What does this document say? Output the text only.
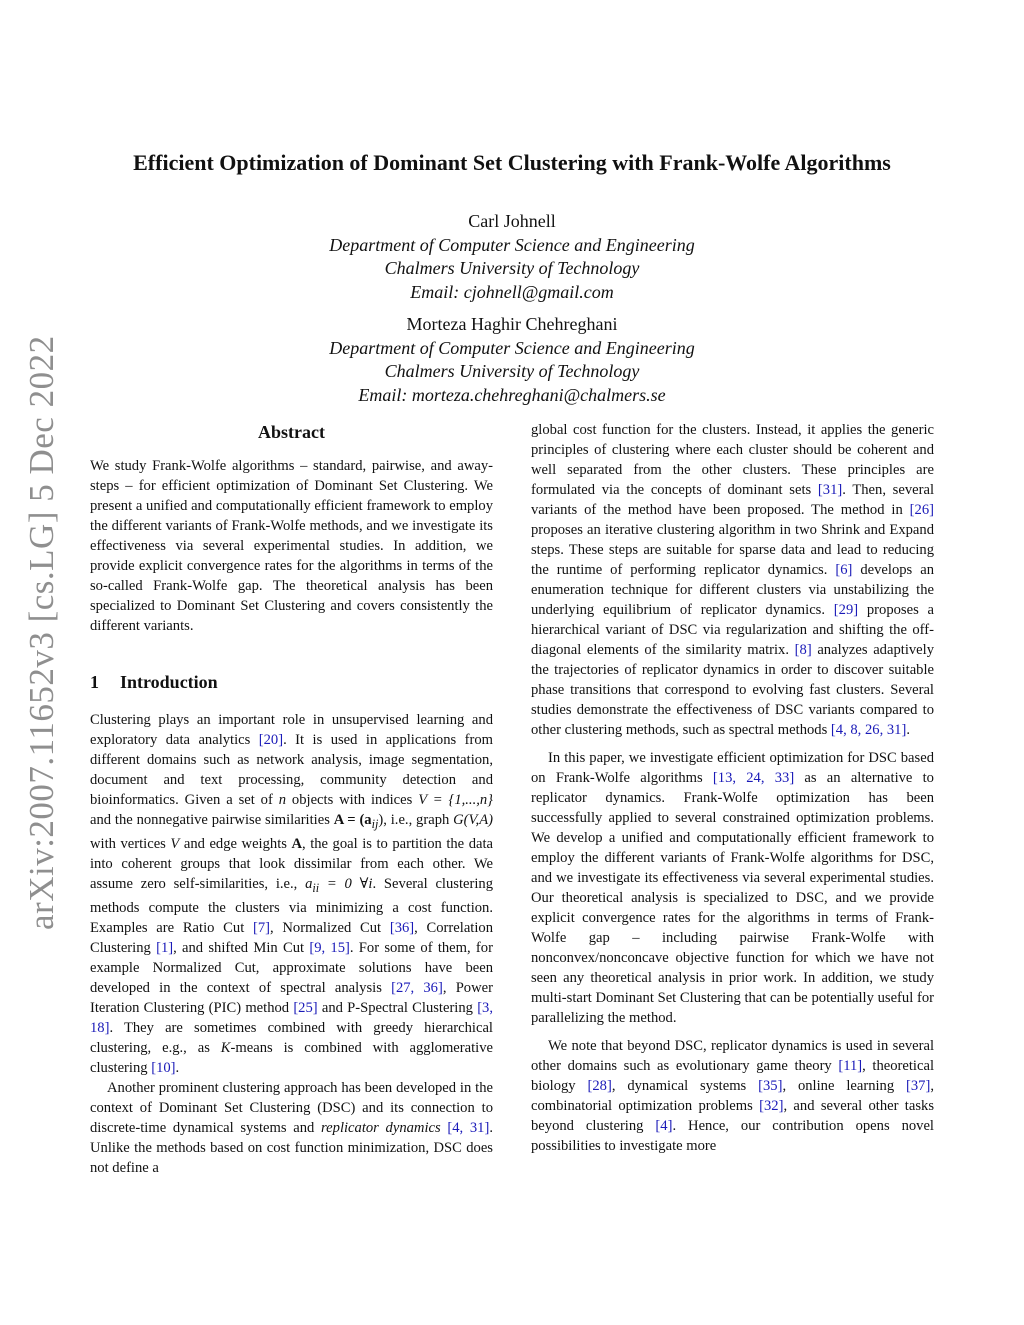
arXiv:2007.11652v3 [cs.LG] 5 Dec 2022
Efficient Optimization of Dominant Set Clustering with Frank-Wolfe Algorithms
Carl Johnell
Department of Computer Science and Engineering
Chalmers University of Technology
Email: cjohnell@gmail.com
Morteza Haghir Chehreghani
Department of Computer Science and Engineering
Chalmers University of Technology
Email: morteza.chehreghani@chalmers.se
Abstract

We study Frank-Wolfe algorithms – standard, pairwise, and away-steps – for efficient optimization of Dominant Set Clustering. We present a unified and computationally efficient framework to employ the different variants of Frank-Wolfe methods, and we investigate its effectiveness via several experimental studies. In addition, we provide explicit convergence rates for the algorithms in terms of the so-called Frank-Wolfe gap. The theoretical analysis has been specialized to Dominant Set Clustering and covers consistently the different variants.

1 Introduction

Clustering plays an important role in unsupervised learning and exploratory data analytics [20]. It is used in applications from different domains such as network analysis, image segmentation, document and text processing, community detection and bioinformatics. Given a set of n objects with indices V = {1,...,n} and the nonnegative pairwise similarities $A = (a_{ij})$, i.e., graph G(V,A) with vertices V and edge weights A, the goal is to partition the data into coherent groups that look dissimilar from each other. We assume zero self-similarities, i.e., $a_{ii} = 0$ ∀i. Several clustering methods compute the clusters via minimizing a cost function. Examples are Ratio Cut [7], Normalized Cut [36], Correlation Clustering [1], and shifted Min Cut [9, 15]. For some of them, for example Normalized Cut, approximate solutions have been developed in the context of spectral analysis [27, 36], Power Iteration Clustering (PIC) method [25] and P-Spectral Clustering [3, 18]. They are sometimes combined with greedy hierarchical clustering, e.g., as K-means is combined with agglomerative clustering [10].

Another prominent clustering approach has been developed in the context of Dominant Set Clustering (DSC) and its connection to discrete-time dynamical systems and replicator dynamics [4, 31]. Unlike the methods based on cost function minimization, DSC does not define a

global cost function for the clusters. Instead, it applies the generic principles of clustering where each cluster should be coherent and well separated from the other clusters. These principles are formulated via the concepts of dominant sets [31]. Then, several variants of the method have been proposed. The method in [26] proposes an iterative clustering algorithm in two Shrink and Expand steps. These steps are suitable for sparse data and lead to reducing the runtime of performing replicator dynamics. [6] develops an enumeration technique for different clusters via unstabilizing the underlying equilibrium of replicator dynamics. [29] proposes a hierarchical variant of DSC via regularization and shifting the off-diagonal elements of the similarity matrix. [8] analyzes adaptively the trajectories of replicator dynamics in order to discover suitable phase transitions that correspond to evolving fast clusters. Several studies demonstrate the effectiveness of DSC variants compared to other clustering methods, such as spectral methods [4, 8, 26, 31].

In this paper, we investigate efficient optimization for DSC based on Frank-Wolfe algorithms [13, 24, 33] as an alternative to replicator dynamics. Frank-Wolfe optimization has been successfully applied to several constrained optimization problems. We develop a unified and computationally efficient framework to employ the different variants of Frank-Wolfe algorithms for DSC, and we investigate its effectiveness via several experimental studies. Our theoretical analysis is specialized to DSC, and we provide explicit convergence rates for the algorithms in terms of Frank-Wolfe gap – including pairwise Frank-Wolfe with nonconvex/nonconcave objective function for which we have not seen any theoretical analysis in prior work. In addition, we study multi-start Dominant Set Clustering that can be potentially useful for parallelizing the method.

We note that beyond DSC, replicator dynamics is used in several other domains such as evolutionary game theory [11], theoretical biology [28], dynamical systems [35], online learning [37], combinatorial optimization problems [32], and several other tasks beyond clustering [4]. Hence, our contribution opens novel possibilities to investigate more
